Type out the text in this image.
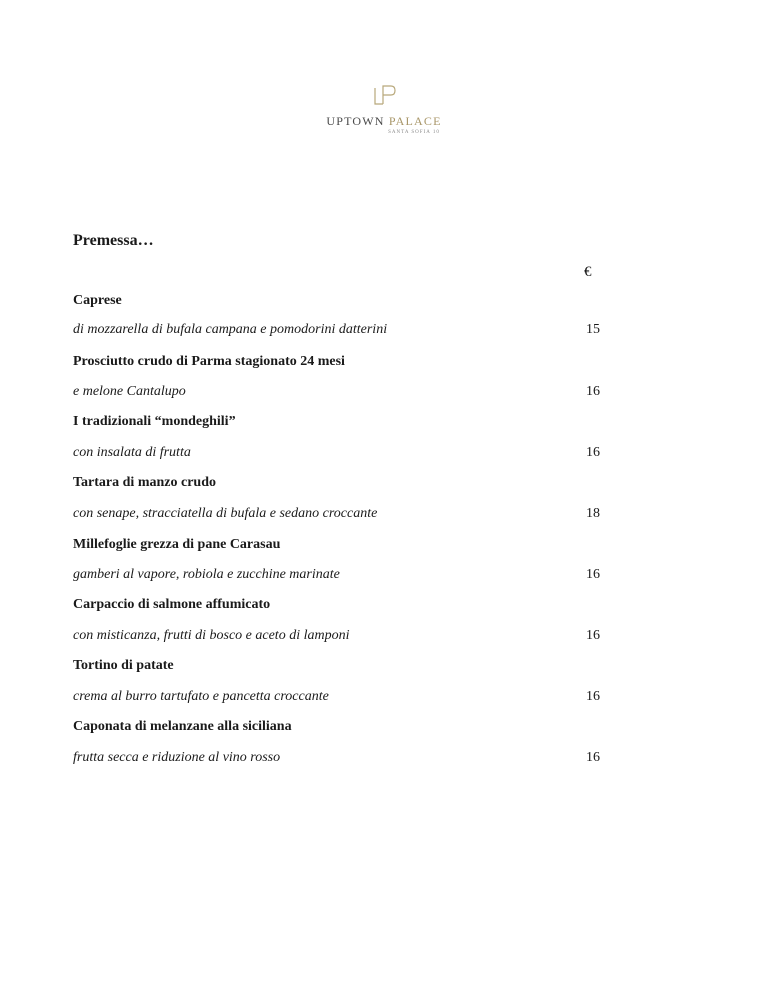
UPTOWN PALACE
SANTA SOFIA 10
Premessa…
€
Caprese
di mozzarella di bufala campana e pomodorini datterini	15
Prosciutto crudo di Parma stagionato 24 mesi
e melone Cantalupo	16
I tradizionali “mondeghili”
con insalata di frutta	16
Tartara di manzo crudo
con senape, stracciatella di bufala e sedano croccante	18
Millefoglie grezza di pane Carasau
gamberi al vapore, robiola e zucchine marinate	16
Carpaccio di salmone affumicato
con misticanza, frutti di bosco e aceto di lamponi	16
Tortino di patate
crema al burro tartufato e pancetta croccante	16
Caponata di melanzane alla siciliana
frutta secca e riduzione al vino rosso	16
